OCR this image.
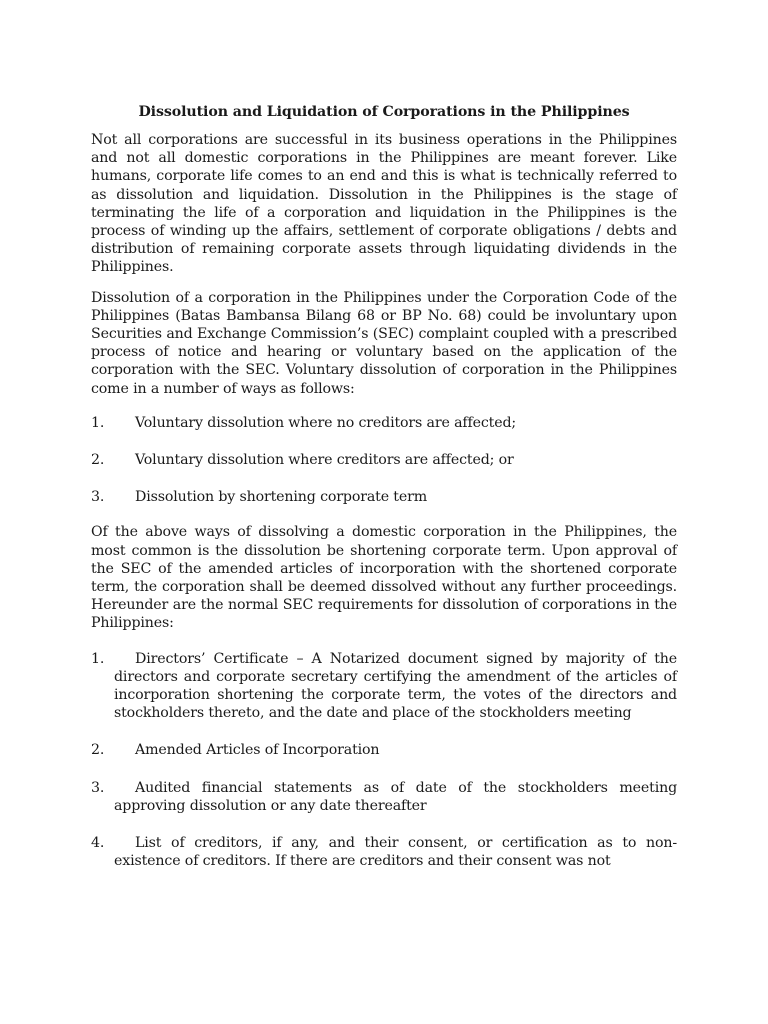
Dissolution and Liquidation of Corporations in the Philippines

Not all corporations are successful in its business operations in the Philippines and not all domestic corporations in the Philippines are meant forever. Like humans, corporate life comes to an end and this is what is technically referred to as dissolution and liquidation. Dissolution in the Philippines is the stage of terminating the life of a corporation and liquidation in the Philippines is the process of winding up the affairs, settlement of corporate obligations / debts and distribution of remaining corporate assets through liquidating dividends in the Philippines.

Dissolution of a corporation in the Philippines under the Corporation Code of the Philippines (Batas Bambansa Bilang 68 or BP No. 68) could be involuntary upon Securities and Exchange Commission’s (SEC) complaint coupled with a prescribed process of notice and hearing or voluntary based on the application of the corporation with the SEC. Voluntary dissolution of corporation in the Philippines come in a number of ways as follows:

1.	Voluntary dissolution where no creditors are affected;
2.	Voluntary dissolution where creditors are affected; or
3.	Dissolution by shortening corporate term

Of the above ways of dissolving a domestic corporation in the Philippines, the most common is the dissolution be shortening corporate term. Upon approval of the SEC of the amended articles of incorporation with the shortened corporate term, the corporation shall be deemed dissolved without any further proceedings. Hereunder are the normal SEC requirements for dissolution of corporations in the Philippines:

1. Directors’ Certificate – A Notarized document signed by majority of the directors and corporate secretary certifying the amendment of the articles of incorporation shortening the corporate term, the votes of the directors and stockholders thereto, and the date and place of the stockholders meeting
2. Amended Articles of Incorporation
3. Audited financial statements as of date of the stockholders meeting approving dissolution or any date thereafter
4. List of creditors, if any, and their consent, or certification as to non-existence of creditors. If there are creditors and their consent was not
